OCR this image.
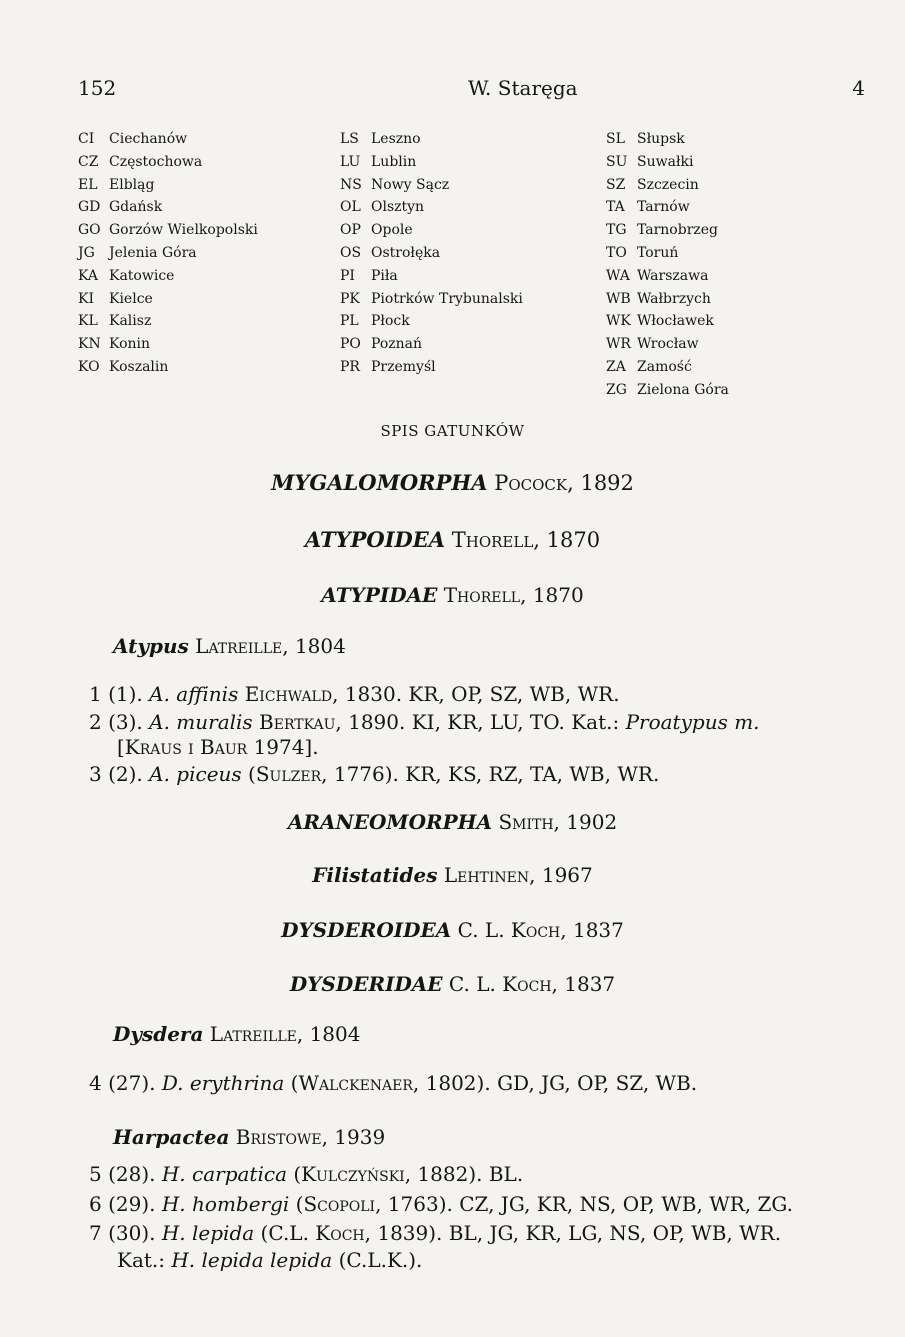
152	W. Staręga	4
CI Ciechanów
CZ Częstochowa
EL Elbląg
GD Gdańsk
GO Gorzów Wielkopolski
JG Jelenia Góra
KA Katowice
KI Kielce
KL Kalisz
KN Konin
KO Koszalin
LS Leszno
LU Lublin
NS Nowy Sącz
OL Olsztyn
OP Opole
OS Ostrołęka
PI Piła
PK Piotrków Trybunalski
PL Płock
PO Poznań
PR Przemyśl
SL Słupsk
SU Suwałki
SZ Szczecin
TA Tarnów
TG Tarnobrzeg
TO Toruń
WA Warszawa
WB Wałbrzych
WK Włocławek
WR Wrocław
ZA Zamość
ZG Zielona Góra
SPIS GATUNKÓW
MYGALOMORPHA Pocock, 1892
ATYPOIDEA Thorell, 1870
ATYPIDAE Thorell, 1870
Atypus Latreille, 1804
1 (1). A. affinis Eichwald, 1830. KR, OP, SZ, WB, WR.
2 (3). A. muralis Bertkau, 1890. KI, KR, LU, TO. Kat.: Proatypus m.
[Kraus i Baur 1974].
3 (2). A. piceus (Sulzer, 1776). KR, KS, RZ, TA, WB, WR.
ARANEOMORPHA Smith, 1902
Filistatides Lehtinen, 1967
DYSDEROIDEA C. L. Koch, 1837
DYSDERIDAE C. L. Koch, 1837
Dysdera Latreille, 1804
4 (27). D. erythrina (Walckenaer, 1802). GD, JG, OP, SZ, WB.
Harpactea Bristowe, 1939
5 (28). H. carpatica (Kulczyński, 1882). BL.
6 (29). H. hombergi (Scopoli, 1763). CZ, JG, KR, NS, OP, WB, WR, ZG.
7 (30). H. lepida (C.L. Koch, 1839). BL, JG, KR, LG, NS, OP, WB, WR.
Kat.: H. lepida lepida (C.L.K.).
